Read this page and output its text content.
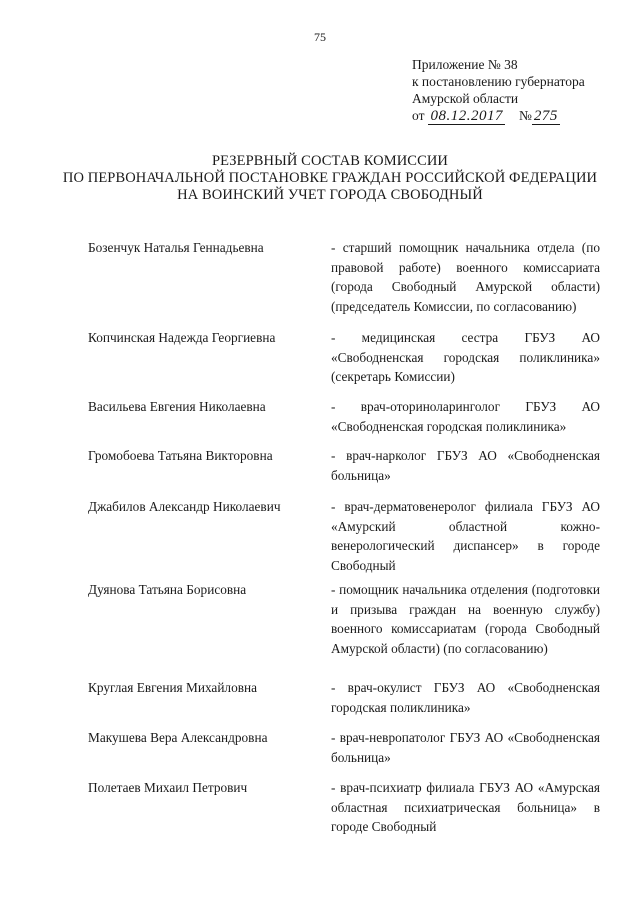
75
Приложение № 38
к постановлению губернатора
Амурской области
от 08.12.2017 № 275
РЕЗЕРВНЫЙ СОСТАВ КОМИССИИ
ПО ПЕРВОНАЧАЛЬНОЙ ПОСТАНОВКЕ ГРАЖДАН РОССИЙСКОЙ ФЕДЕРАЦИИ
НА ВОИНСКИЙ УЧЕТ ГОРОДА СВОБОДНЫЙ
Бозенчук Наталья Геннадьевна	- старший помощник начальника отдела (по правовой работе) военного комиссариата (города Свободный Амурской области) (председатель Комиссии, по согласованию)
Копчинская Надежда Георгиевна	- медицинская сестра ГБУЗ АО «Свободненская городская поликлиника» (секретарь Комиссии)
Васильева Евгения Николаевна	- врач-оториноларинголог ГБУЗ АО «Свободненская городская поликлиника»
Громобоева Татьяна Викторовна	- врач-нарколог ГБУЗ АО «Свободненская больница»
Джабилов Александр Николаевич	- врач-дерматовенеролог филиала ГБУЗ АО «Амурский областной кожно-венерологический диспансер» в городе Свободный
Дуянова Татьяна Борисовна	- помощник начальника отделения (подготовки и призыва граждан на военную службу) военного комиссариатам (города Свободный Амурской области) (по согласованию)
Круглая Евгения Михайловна	- врач-окулист ГБУЗ АО «Свободненская городская поликлиника»
Макушева Вера Александровна	- врач-невропатолог ГБУЗ АО «Свободненская больница»
Полетаев Михаил Петрович	- врач-психиатр филиала ГБУЗ АО «Амурская областная психиатрическая больница» в городе Свободный
